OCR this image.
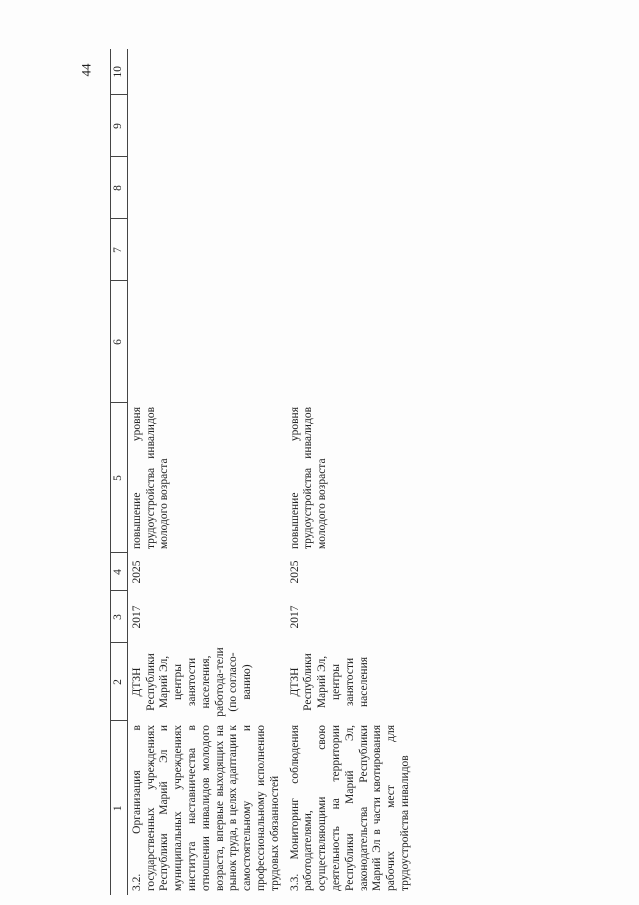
44
1	2	3	4	5	6	7	8	9	10
3.2. Организация в государственных учреждениях Республики Марий Эл и муниципальных учреждениях института наставничества в отношении инвалидов молодого возраста, впервые выходящих на рынок труда, в целях адаптации к самостоятельному и профессиональному исполнению трудовых обязанностей	ДТЗН Республики Марий Эл, центры занятости населения, работода-тели (по согласо-ванию)	2017	2025	повышение уровня трудоустройства инвалидов молодого возраста					
3.3. Мониторинг соблюдения работодателями, осуществляющими свою деятельность на территории Республики Марий Эл, законодательства Республики Марий Эл в части квотирования рабочих мест для трудоустройства инвалидов	ДТЗН Республики Марий Эл, центры занятости населения	2017	2025	повышение уровня трудоустройства инвалидов молодого возраста					
